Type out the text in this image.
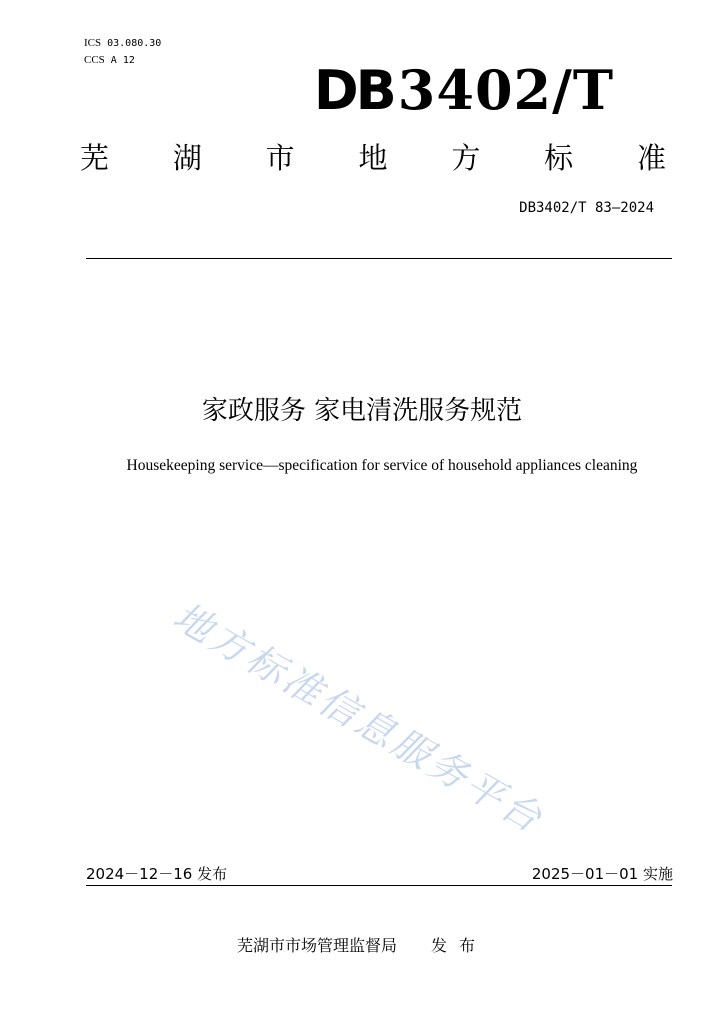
ICS 03.080.30
CCS A 12	DB3402/T
芜 湖 市 地 方 标 准
DB3402/T 83—2024
家政服务 家电清洗服务规范
Housekeeping service—specification for service of household appliances cleaning
地方标准信息服务平台
2024－12－16 发布	2025－01－01 实施
芜湖市市场管理监督局 发布
